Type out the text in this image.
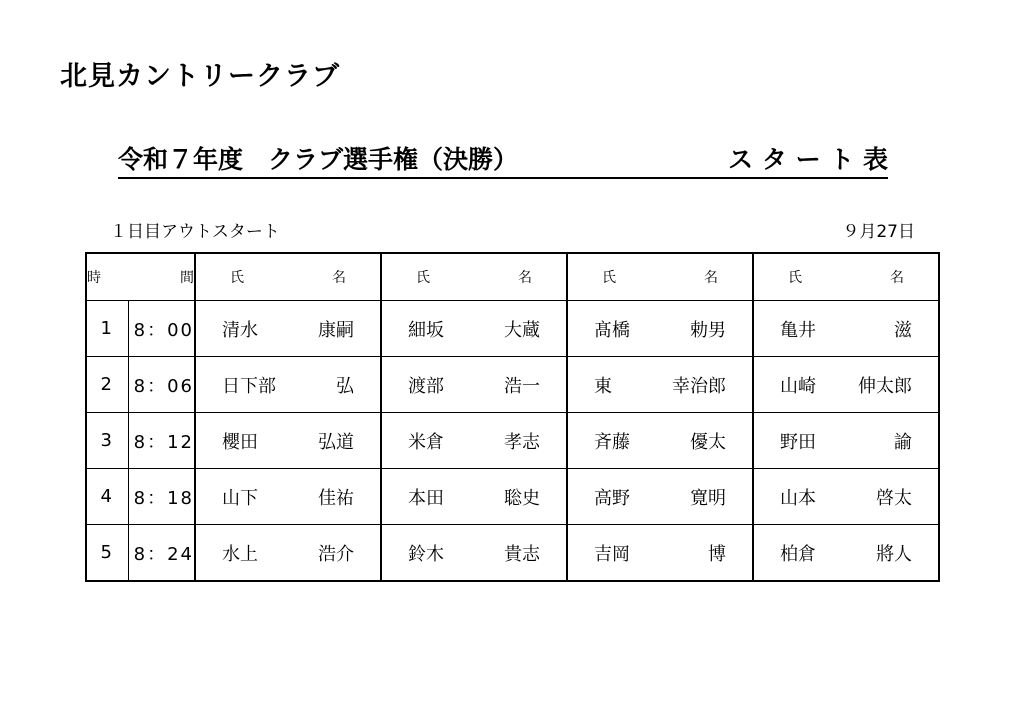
北見カントリークラブ
令和７年度　クラブ選手権（決勝）	ス タ ー ト 表
１日目アウトスタート	９月27日
時 間		氏 名	氏 名	氏 名	氏 名

1	8：00	清水 康嗣	細坂 大蔵	髙橋 勅男	亀井 滋

2	8：06	日下部 弘	渡部 浩一	東 幸治郎	山崎 伸太郎

3	8：12	櫻田 弘道	米倉 孝志	斉藤 優太	野田 諭

4	8：18	山下 佳祐	本田 聡史	高野 寛明	山本 啓太

5	8：24	水上 浩介	鈴木 貴志	吉岡 博	柏倉 將人
